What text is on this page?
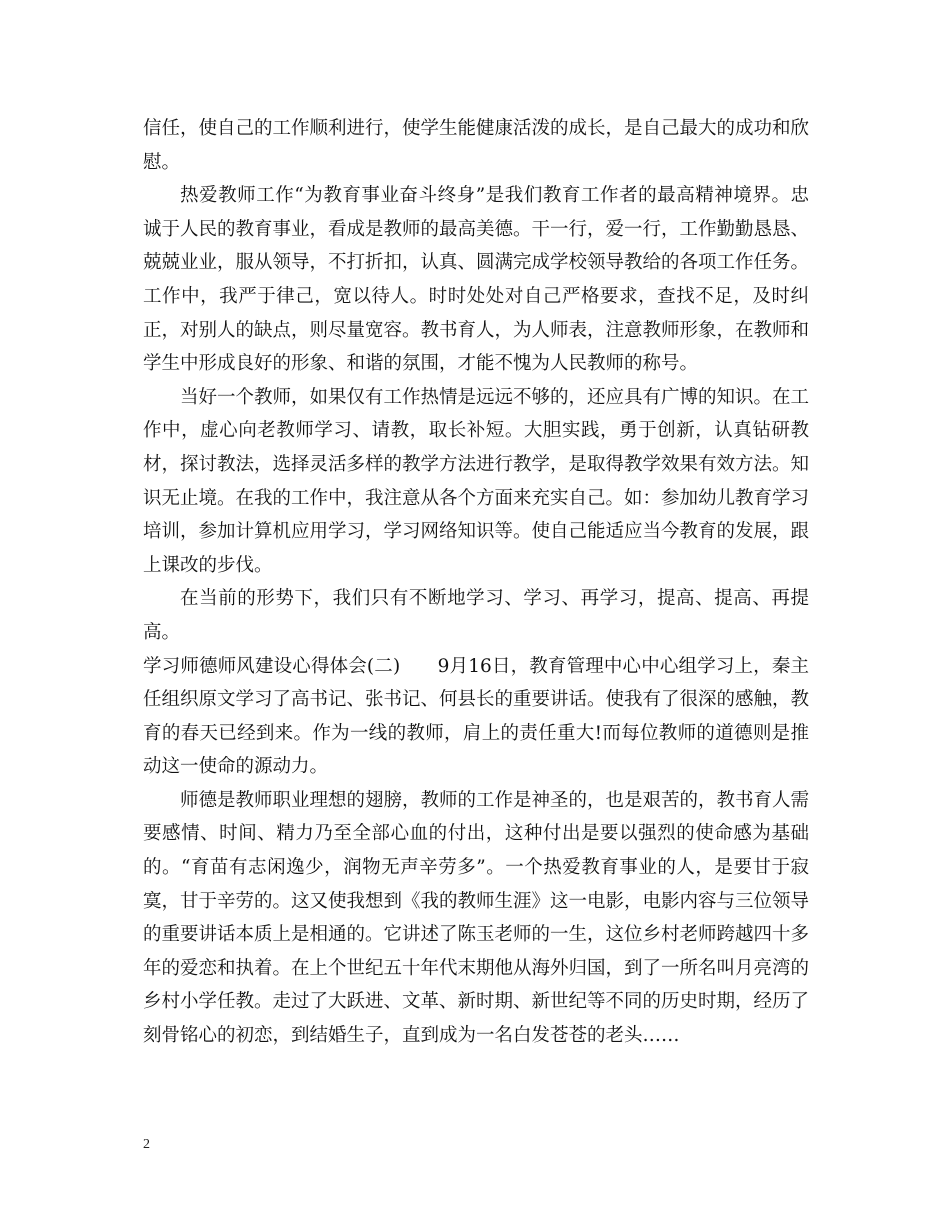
信任，使自己的工作顺利进行，使学生能健康活泼的成长，是自己最大的成功和欣慰。

热爱教师工作“为教育事业奋斗终身”是我们教育工作者的最高精神境界。忠诚于人民的教育事业，看成是教师的最高美德。干一行，爱一行，工作勤勤恳恳、兢兢业业，服从领导，不打折扣，认真、圆满完成学校领导教给的各项工作任务。工作中，我严于律己，宽以待人。时时处处对自己严格要求，查找不足，及时纠正，对别人的缺点，则尽量宽容。教书育人，为人师表，注意教师形象，在教师和学生中形成良好的形象、和谐的氛围，才能不愧为人民教师的称号。

当好一个教师，如果仅有工作热情是远远不够的，还应具有广博的知识。在工作中，虚心向老教师学习、请教，取长补短。大胆实践，勇于创新，认真钻研教材，探讨教法，选择灵活多样的教学方法进行教学，是取得教学效果有效方法。知识无止境。在我的工作中，我注意从各个方面来充实自己。如：参加幼儿教育学习培训，参加计算机应用学习，学习网络知识等。使自己能适应当今教育的发展，跟上课改的步伐。

在当前的形势下，我们只有不断地学习、学习、再学习，提高、提高、再提高。

学习师德师风建设心得体会(二)　　9月16日，教育管理中心中心组学习上，秦主任组织原文学习了高书记、张书记、何县长的重要讲话。使我有了很深的感触，教育的春天已经到来。作为一线的教师，肩上的责任重大!而每位教师的道德则是推动这一使命的源动力。

师德是教师职业理想的翅膀，教师的工作是神圣的，也是艰苦的，教书育人需要感情、时间、精力乃至全部心血的付出，这种付出是要以强烈的使命感为基础的。“育苗有志闲逸少，润物无声辛劳多”。一个热爱教育事业的人，是要甘于寂寞，甘于辛劳的。这又使我想到《我的教师生涯》这一电影，电影内容与三位领导的重要讲话本质上是相通的。它讲述了陈玉老师的一生，这位乡村老师跨越四十多年的爱恋和执着。在上个世纪五十年代末期他从海外归国，到了一所名叫月亮湾的乡村小学任教。走过了大跃进、文革、新时期、新世纪等不同的历史时期，经历了刻骨铭心的初恋，到结婚生子，直到成为一名白发苍苍的老头……

2
